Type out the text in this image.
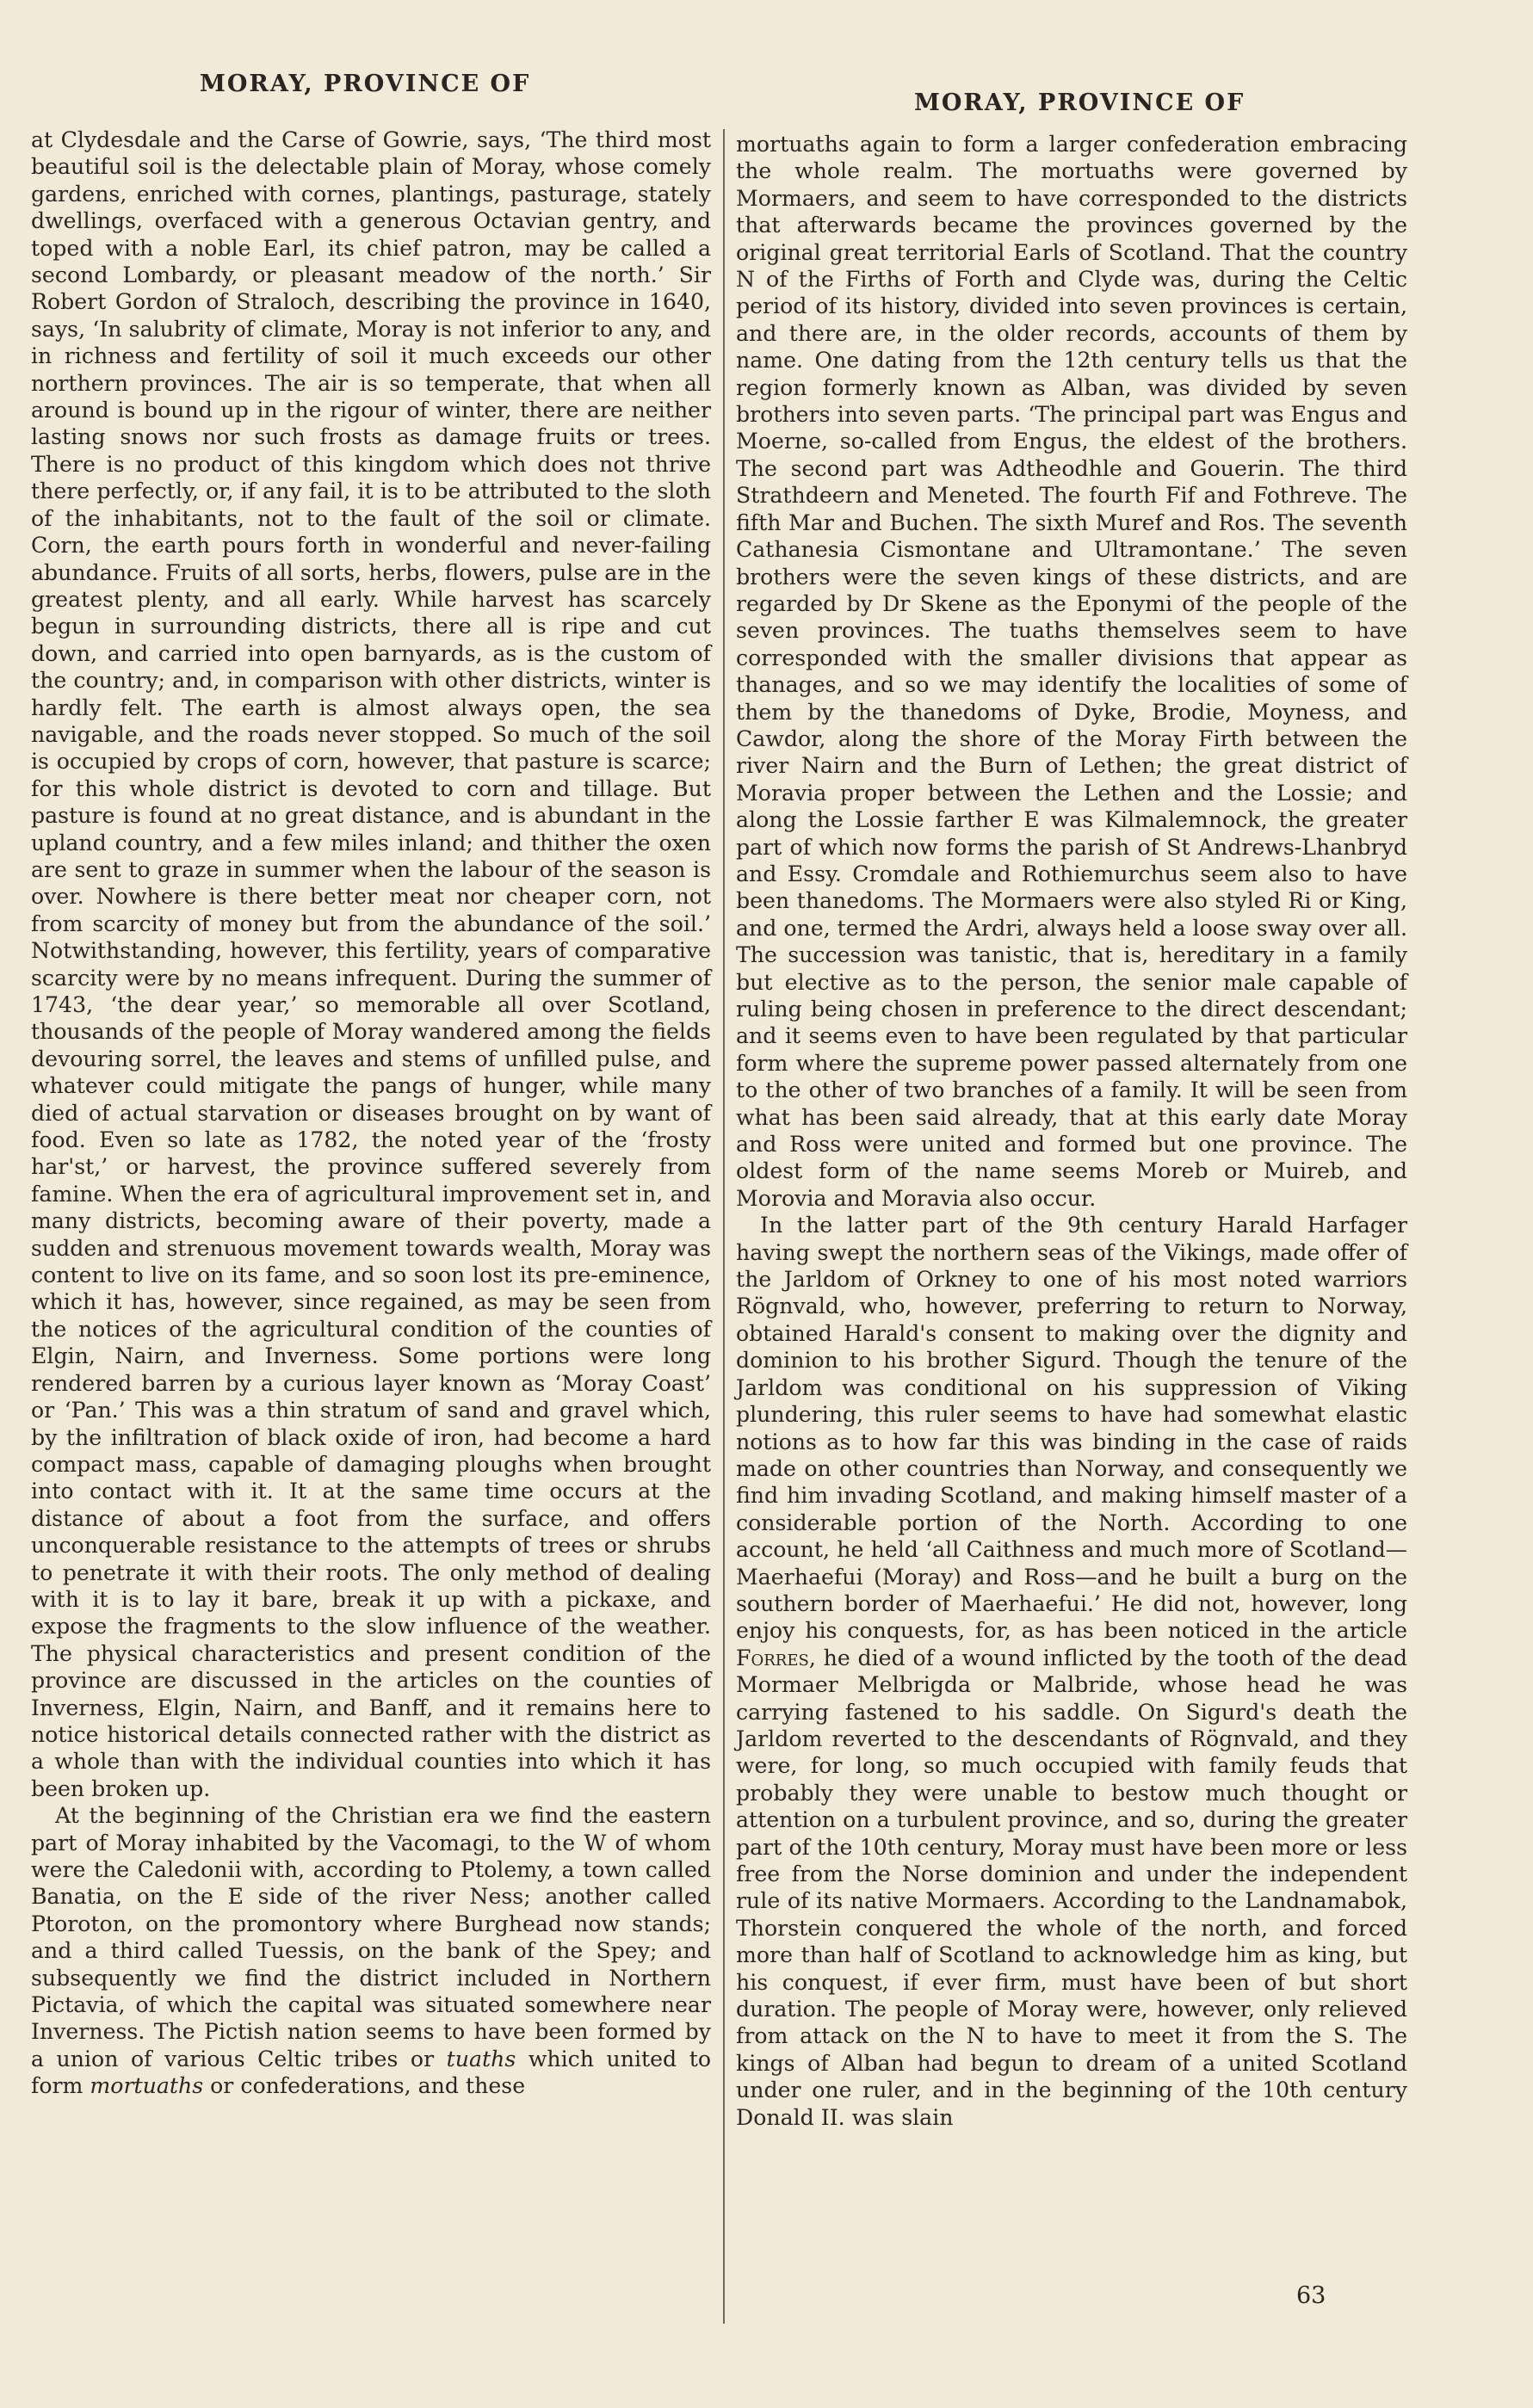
MORAY, PROVINCE OF
MORAY, PROVINCE OF

at Clydesdale and the Carse of Gowrie, says, ‘The third most beautiful soil is the delectable plain of Moray, whose comely gardens, enriched with cornes, plantings, pasturage, stately dwellings, overfaced with a generous Octavian gentry, and toped with a noble Earl, its chief patron, may be called a second Lombardy, or pleasant meadow of the north.’ Sir Robert Gordon of Straloch, describing the province in 1640, says, ‘In salubrity of climate, Moray is not inferior to any, and in richness and fertility of soil it much exceeds our other northern provinces. The air is so temperate, that when all around is bound up in the rigour of winter, there are neither lasting snows nor such frosts as damage fruits or trees. There is no product of this kingdom which does not thrive there perfectly, or, if any fail, it is to be attributed to the sloth of the inhabitants, not to the fault of the soil or climate. Corn, the earth pours forth in wonderful and never-failing abundance. Fruits of all sorts, herbs, flowers, pulse are in the greatest plenty, and all early. While harvest has scarcely begun in surrounding districts, there all is ripe and cut down, and carried into open barnyards, as is the custom of the country; and, in comparison with other districts, winter is hardly felt. The earth is almost always open, the sea navigable, and the roads never stopped. So much of the soil is occupied by crops of corn, however, that pasture is scarce; for this whole district is devoted to corn and tillage. But pasture is found at no great distance, and is abundant in the upland country, and a few miles inland; and thither the oxen are sent to graze in summer when the labour of the season is over. Nowhere is there better meat nor cheaper corn, not from scarcity of money but from the abundance of the soil.’ Notwithstanding, however, this fertility, years of comparative scarcity were by no means infrequent. During the summer of 1743, ‘the dear year,’ so memorable all over Scotland, thousands of the people of Moray wandered among the fields devouring sorrel, the leaves and stems of unfilled pulse, and whatever could mitigate the pangs of hunger, while many died of actual starvation or diseases brought on by want of food. Even so late as 1782, the noted year of the ‘frosty har'st,’ or harvest, the province suffered severely from famine. When the era of agricultural improvement set in, and many districts, becoming aware of their poverty, made a sudden and strenuous movement towards wealth, Moray was content to live on its fame, and so soon lost its pre-eminence, which it has, however, since regained, as may be seen from the notices of the agricultural condition of the counties of Elgin, Nairn, and Inverness. Some portions were long rendered barren by a curious layer known as ‘Moray Coast’ or ‘Pan.’ This was a thin stratum of sand and gravel which, by the infiltration of black oxide of iron, had become a hard compact mass, capable of damaging ploughs when brought into contact with it. It at the same time occurs at the distance of about a foot from the surface, and offers unconquerable resistance to the attempts of trees or shrubs to penetrate it with their roots. The only method of dealing with it is to lay it bare, break it up with a pickaxe, and expose the fragments to the slow influence of the weather. The physical characteristics and present condition of the province are discussed in the articles on the counties of Inverness, Elgin, Nairn, and Banff, and it remains here to notice historical details connected rather with the district as a whole than with the individual counties into which it has been broken up.

At the beginning of the Christian era we find the eastern part of Moray inhabited by the Vacomagi, to the W of whom were the Caledonii with, according to Ptolemy, a town called Banatia, on the E side of the river Ness; another called Ptoroton, on the promontory where Burghead now stands; and a third called Tuessis, on the bank of the Spey; and subsequently we find the district included in Northern Pictavia, of which the capital was situated somewhere near Inverness. The Pictish nation seems to have been formed by a union of various Celtic tribes or tuaths which united to form mortuaths or confederations, and these

mortuaths again to form a larger confederation embracing the whole realm. The mortuaths were governed by Mormaers, and seem to have corresponded to the districts that afterwards became the provinces governed by the original great territorial Earls of Scotland. That the country N of the Firths of Forth and Clyde was, during the Celtic period of its history, divided into seven provinces is certain, and there are, in the older records, accounts of them by name. One dating from the 12th century tells us that the region formerly known as Alban, was divided by seven brothers into seven parts. ‘The principal part was Engus and Moerne, so-called from Engus, the eldest of the brothers. The second part was Adtheodhle and Gouerin. The third Strathdeern and Meneted. The fourth Fif and Fothreve. The fifth Mar and Buchen. The sixth Muref and Ros. The seventh Cathanesia Cismontane and Ultramontane.’ The seven brothers were the seven kings of these districts, and are regarded by Dr Skene as the Eponymi of the people of the seven provinces. The tuaths themselves seem to have corresponded with the smaller divisions that appear as thanages, and so we may identify the localities of some of them by the thanedoms of Dyke, Brodie, Moyness, and Cawdor, along the shore of the Moray Firth between the river Nairn and the Burn of Lethen; the great district of Moravia proper between the Lethen and the Lossie; and along the Lossie farther E was Kilmalemnock, the greater part of which now forms the parish of St Andrews-Lhanbryd and Essy. Cromdale and Rothiemurchus seem also to have been thanedoms. The Mormaers were also styled Ri or King, and one, termed the Ardri, always held a loose sway over all. The succession was tanistic, that is, hereditary in a family but elective as to the person, the senior male capable of ruling being chosen in preference to the direct descendant; and it seems even to have been regulated by that particular form where the supreme power passed alternately from one to the other of two branches of a family. It will be seen from what has been said already, that at this early date Moray and Ross were united and formed but one province. The oldest form of the name seems Moreb or Muireb, and Morovia and Moravia also occur.

In the latter part of the 9th century Harald Harfager having swept the northern seas of the Vikings, made offer of the Jarldom of Orkney to one of his most noted warriors Rögnvald, who, however, preferring to return to Norway, obtained Harald's consent to making over the dignity and dominion to his brother Sigurd. Though the tenure of the Jarldom was conditional on his suppression of Viking plundering, this ruler seems to have had somewhat elastic notions as to how far this was binding in the case of raids made on other countries than Norway, and consequently we find him invading Scotland, and making himself master of a considerable portion of the North. According to one account, he held ‘all Caithness and much more of Scotland—Maerhaefui (Moray) and Ross—and he built a burg on the southern border of Maerhaefui.’ He did not, however, long enjoy his conquests, for, as has been noticed in the article Forres, he died of a wound inflicted by the tooth of the dead Mormaer Melbrigda or Malbride, whose head he was carrying fastened to his saddle. On Sigurd's death the Jarldom reverted to the descendants of Rögnvald, and they were, for long, so much occupied with family feuds that probably they were unable to bestow much thought or attention on a turbulent province, and so, during the greater part of the 10th century, Moray must have been more or less free from the Norse dominion and under the independent rule of its native Mormaers. According to the Landnamabok, Thorstein conquered the whole of the north, and forced more than half of Scotland to acknowledge him as king, but his conquest, if ever firm, must have been of but short duration. The people of Moray were, however, only relieved from attack on the N to have to meet it from the S. The kings of Alban had begun to dream of a united Scotland under one ruler, and in the beginning of the 10th century Donald II. was slain

63
